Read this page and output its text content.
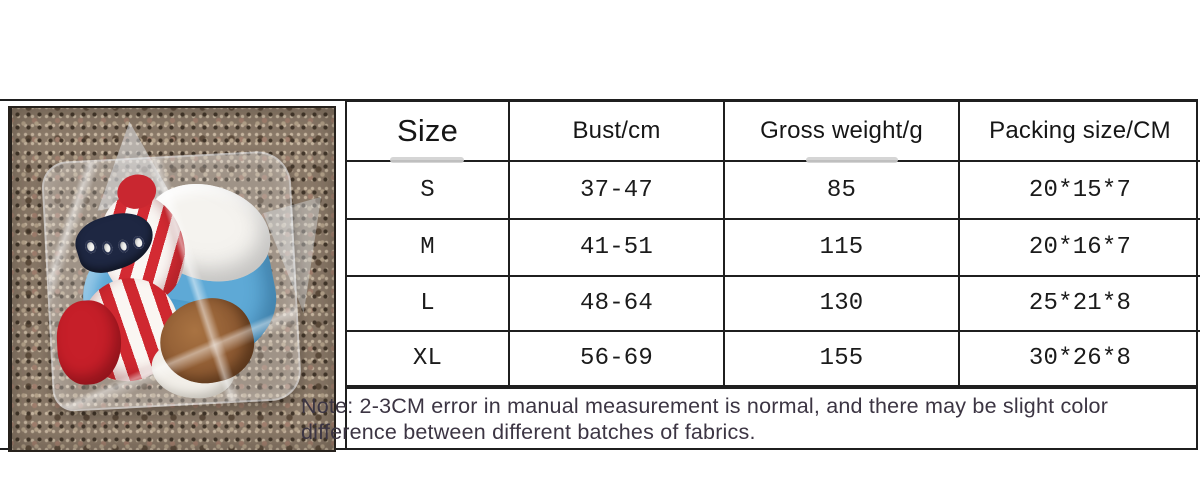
Size	Bust/cm	Gross weight/g	Packing size/CM
S	37-47	85	20*15*7
M	41-51	115	20*16*7
L	48-64	130	25*21*8
XL	56-69	155	30*26*8
Note: 2-3CM error in manual measurement is normal, and there may be slight color difference between different batches of fabrics.
